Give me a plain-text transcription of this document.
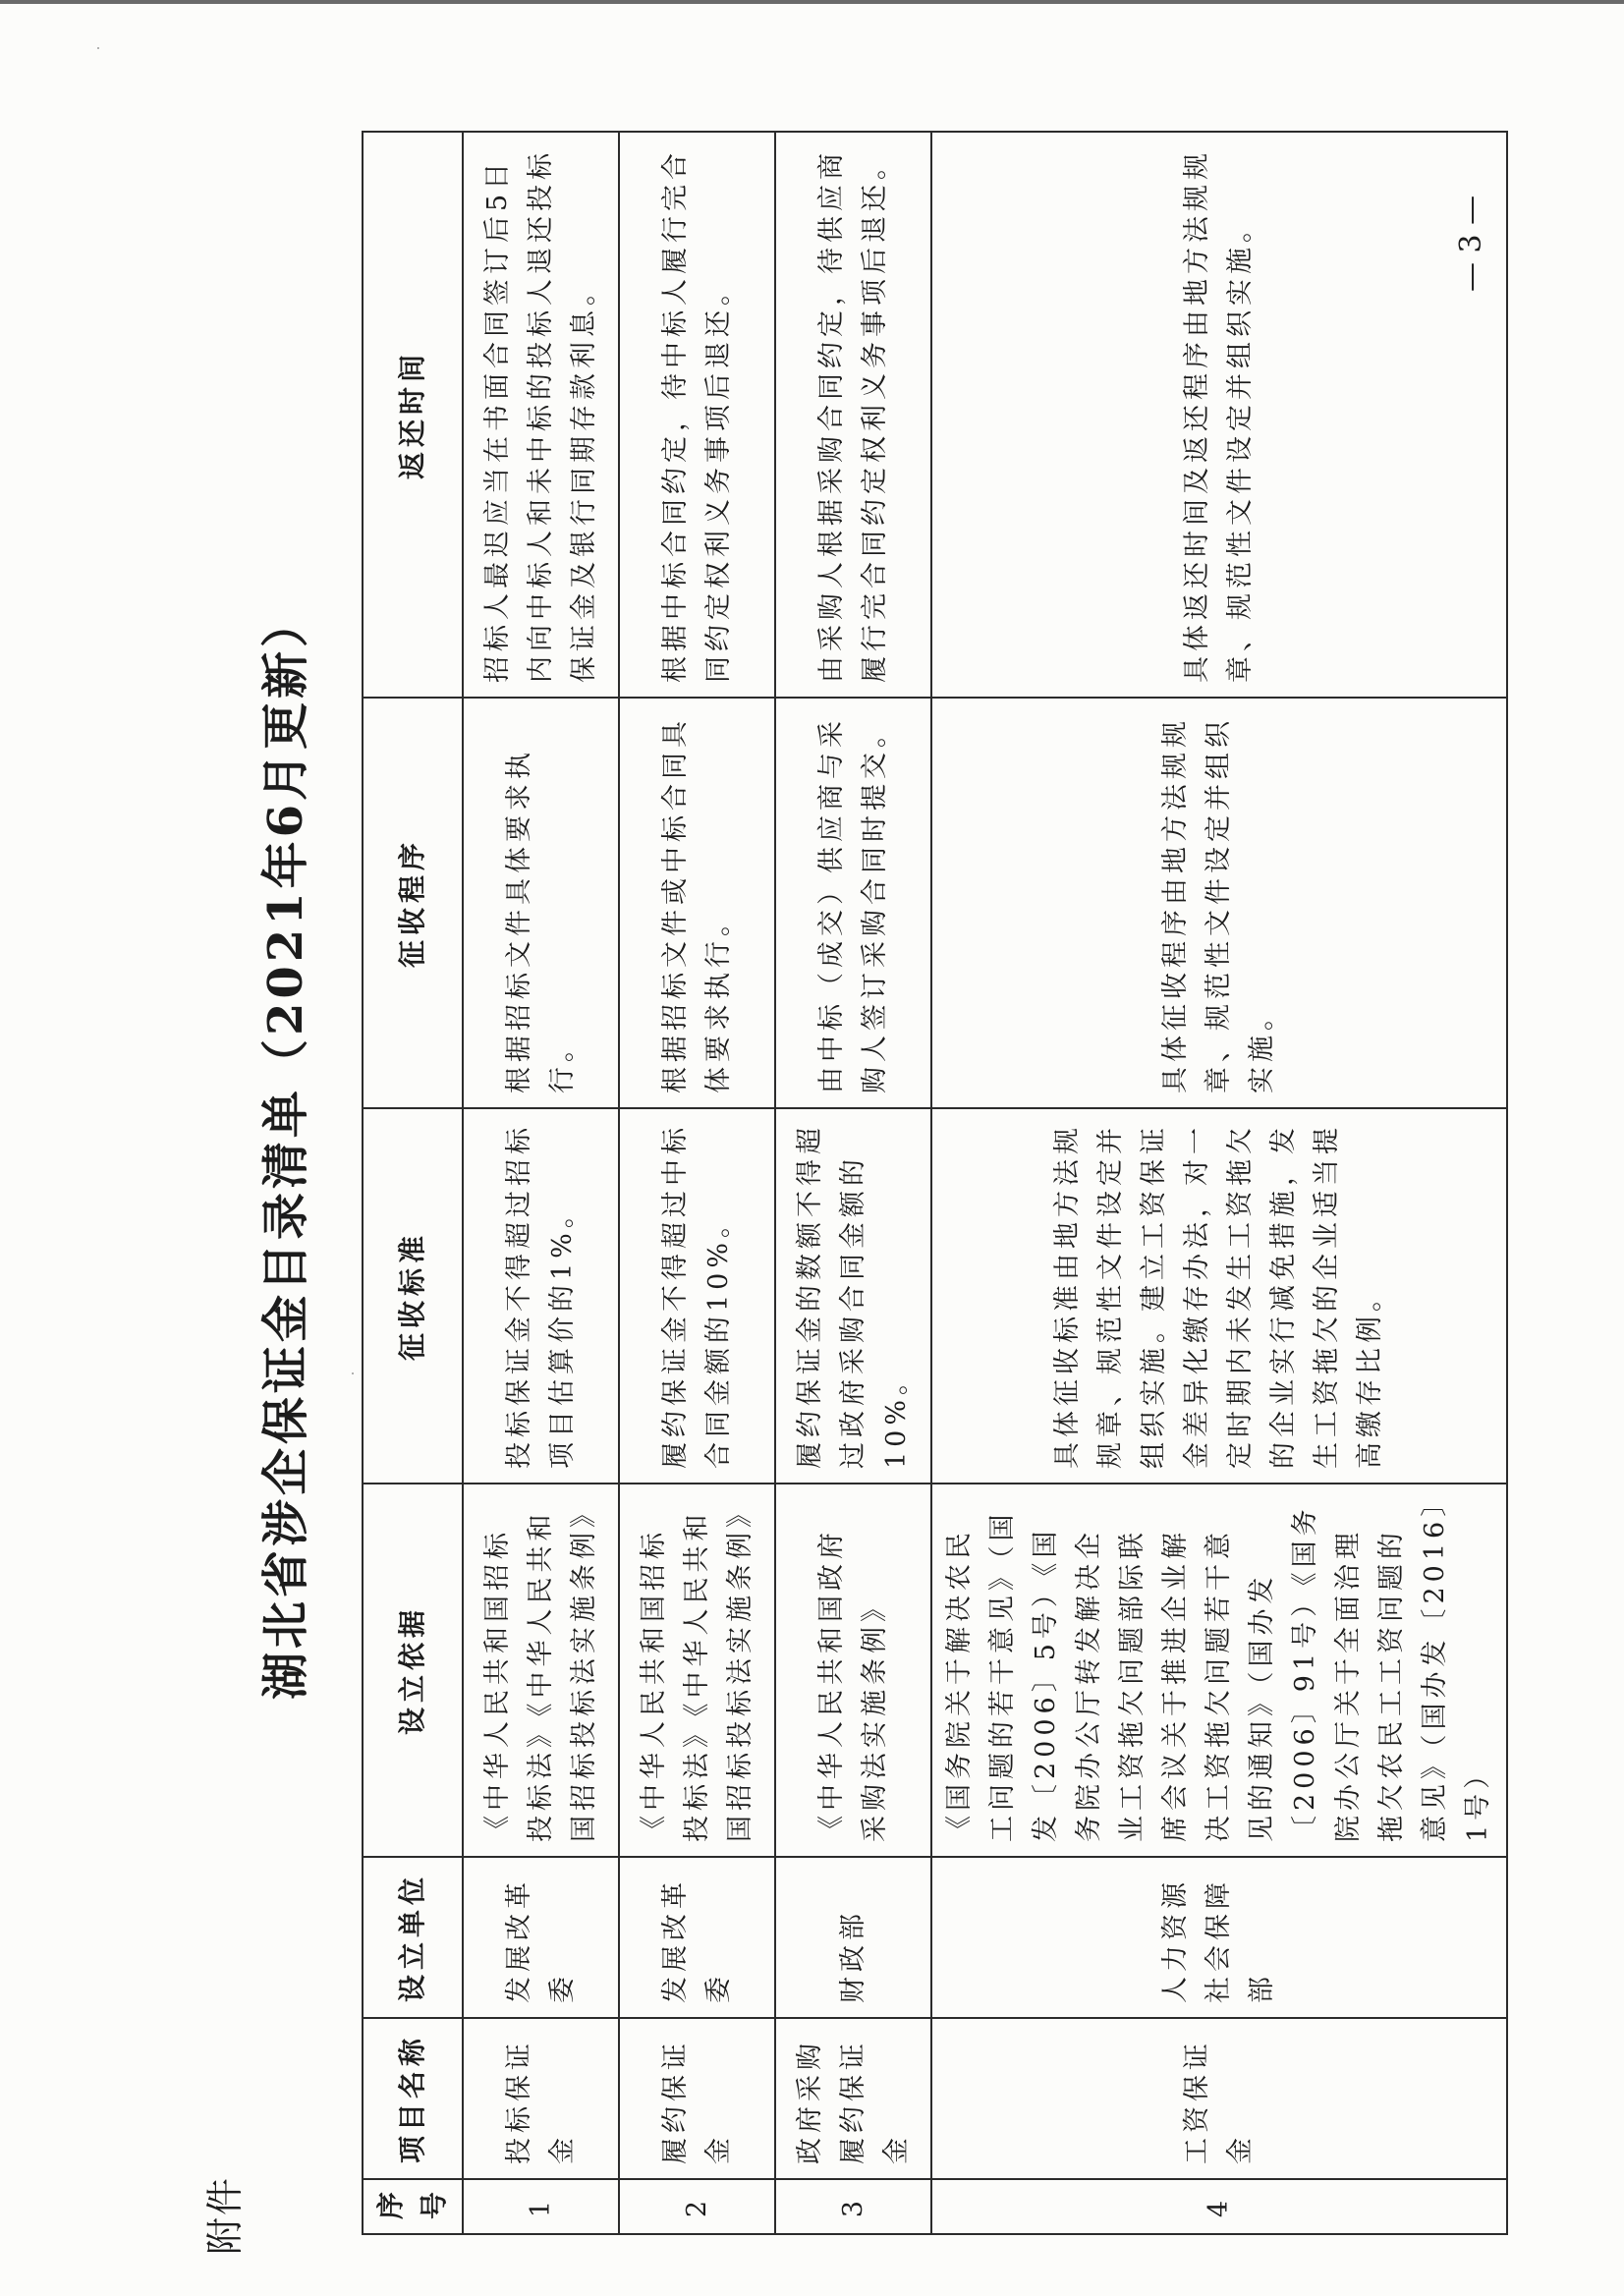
附件
湖北省涉企保证金目录清单（2021年6月更新）
序号	项目名称	设立单位	设立依据	征收标准	征收程序	返还时间
1	投标保证金	发展改革委	《中华人民共和国招标投标法》《中华人民共和国招标投标法实施条例》	投标保证金不得超过招标项目估算价的1%。	根据招标文件具体要求执行。	招标人最迟应当在书面合同签订后5日内向中标人和未中标的投标人退还投标保证金及银行同期存款利息。
2	履约保证金	发展改革委	《中华人民共和国招标投标法》《中华人民共和国招标投标法实施条例》	履约保证金不得超过中标合同金额的10%。	根据招标文件或中标合同具体要求执行。	根据中标合同约定，待中标人履行完合同约定权利义务事项后退还。
3	政府采购履约保证金	财政部	《中华人民共和国政府采购法实施条例》	履约保证金的数额不得超过政府采购合同金额的10%。	由中标（成交）供应商与采购人签订采购合同时提交。	由采购人根据采购合同约定，待供应商履行完合同约定权利义务事项后退还。
4	工资保证金	人力资源社会保障部	《国务院关于解决农民工问题的若干意见》（国发〔2006〕5号）《国务院办公厅转发解决企业工资拖欠问题部际联席会议关于推进企业解决工资拖欠问题若干意见的通知》（国办发〔2006〕91号）《国务院办公厅关于全面治理拖欠农民工工资问题的意见》（国办发〔2016〕1号）	具体征收标准由地方法规规章、规范性文件设定并组织实施。建立工资保证金差异化缴存办法，对一定时期内未发生工资拖欠的企业实行减免措施，发生工资拖欠的企业适当提高缴存比例。	具体征收程序由地方法规规章、规范性文件设定并组织实施。	具体返还时间及返还程序由地方法规规章、规范性文件设定并组织实施。	— 3 —
